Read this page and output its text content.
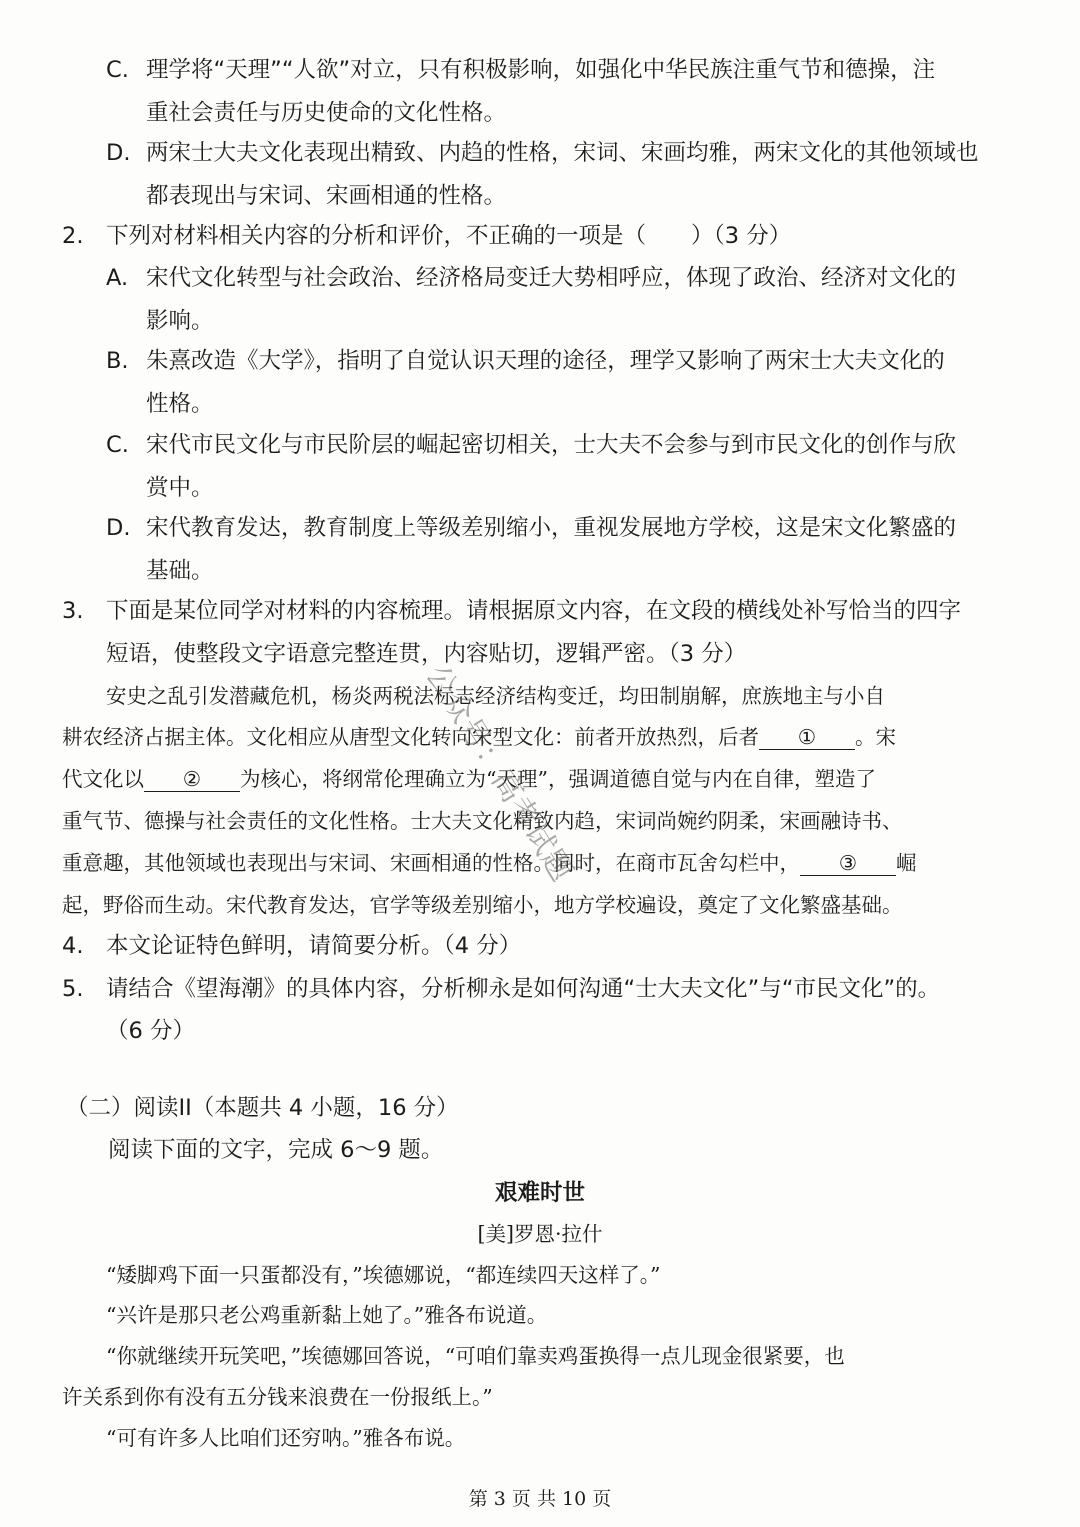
C. 理学将“天理”“人欲”对立，只有积极影响，如强化中华民族注重气节和德操，注
重社会责任与历史使命的文化性格。
D. 两宋士大夫文化表现出精致、内趋的性格，宋词、宋画均雅，两宋文化的其他领域也
都表现出与宋词、宋画相通的性格。
2. 下列对材料相关内容的分析和评价，不正确的一项是（　　）（3 分）
A. 宋代文化转型与社会政治、经济格局变迁大势相呼应，体现了政治、经济对文化的
影响。
B. 朱熹改造《大学》，指明了自觉认识天理的途径，理学又影响了两宋士大夫文化的
性格。
C. 宋代市民文化与市民阶层的崛起密切相关，士大夫不会参与到市民文化的创作与欣
赏中。
D. 宋代教育发达，教育制度上等级差别缩小，重视发展地方学校，这是宋文化繁盛的
基础。
3. 下面是某位同学对材料的内容梳理。请根据原文内容，在文段的横线处补写恰当的四字
短语，使整段文字语意完整连贯，内容贴切，逻辑严密。（3 分）
安史之乱引发潜藏危机，杨炎两税法标志经济结构变迁，均田制崩解，庶族地主与小自
耕农经济占据主体。文化相应从唐型文化转向宋型文化：前者开放热烈，后者 ① 。宋
代文化以 ② 为核心，将纲常伦理确立为“天理”，强调道德自觉与内在自律，塑造了
重气节、德操与社会责任的文化性格。士大夫文化精致内趋，宋词尚婉约阴柔，宋画融诗书、
重意趣，其他领域也表现出与宋词、宋画相通的性格。同时，在商市瓦舍勾栏中， ③ 崛
起，野俗而生动。宋代教育发达，官学等级差别缩小，地方学校遍设，奠定了文化繁盛基础。
4. 本文论证特色鲜明，请简要分析。（4 分）
5. 请结合《望海潮》的具体内容，分析柳永是如何沟通“士大夫文化”与“市民文化”的。
（6 分）
（二）阅读II（本题共 4 小题，16 分）
阅读下面的文字，完成 6～9 题。
艰难时世
[美]罗恩·拉什
“矮脚鸡下面一只蛋都没有，”埃德娜说，“都连续四天这样了。”
“兴许是那只老公鸡重新黏上她了。”雅各布说道。
“你就继续开玩笑吧，”埃德娜回答说，“可咱们靠卖鸡蛋换得一点儿现金很紧要，也
许关系到你有没有五分钱来浪费在一份报纸上。”
“可有许多人比咱们还穷呐。”雅各布说。
第 3 页 共 10 页
公众号：高考试题
